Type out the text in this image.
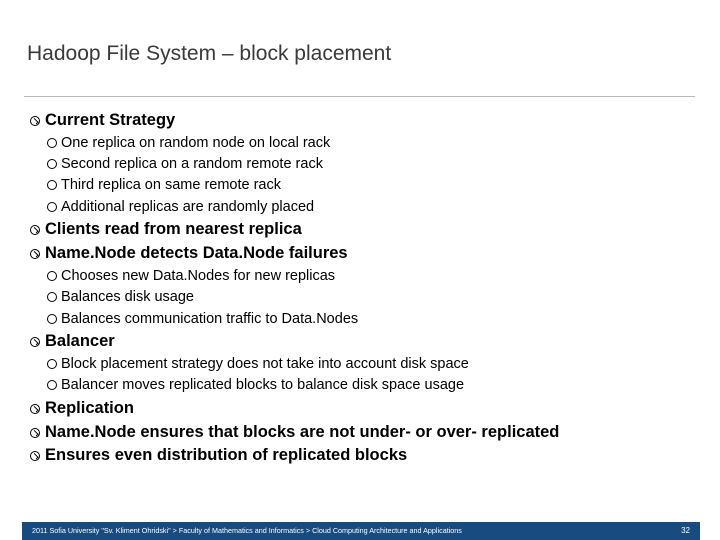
Hadoop File System – block placement
Current Strategy
One replica on random node on local rack
Second replica on a random remote rack
Third replica on same remote rack
Additional replicas are randomly placed
Clients read from nearest replica
Name.Node detects Data.Node failures
Chooses new Data.Nodes for new replicas
Balances disk usage
Balances communication traffic to Data.Nodes
Balancer
Block placement strategy does not take into account disk space
Balancer moves replicated blocks to balance disk space usage
Replication
Name.Node ensures that blocks are not under- or over- replicated
Ensures even distribution of replicated blocks
2011 Sofia University "Sv. Kliment Ohridski" > Faculty of Mathematics and Informatics > Cloud Computing Architecture and Applications	32
